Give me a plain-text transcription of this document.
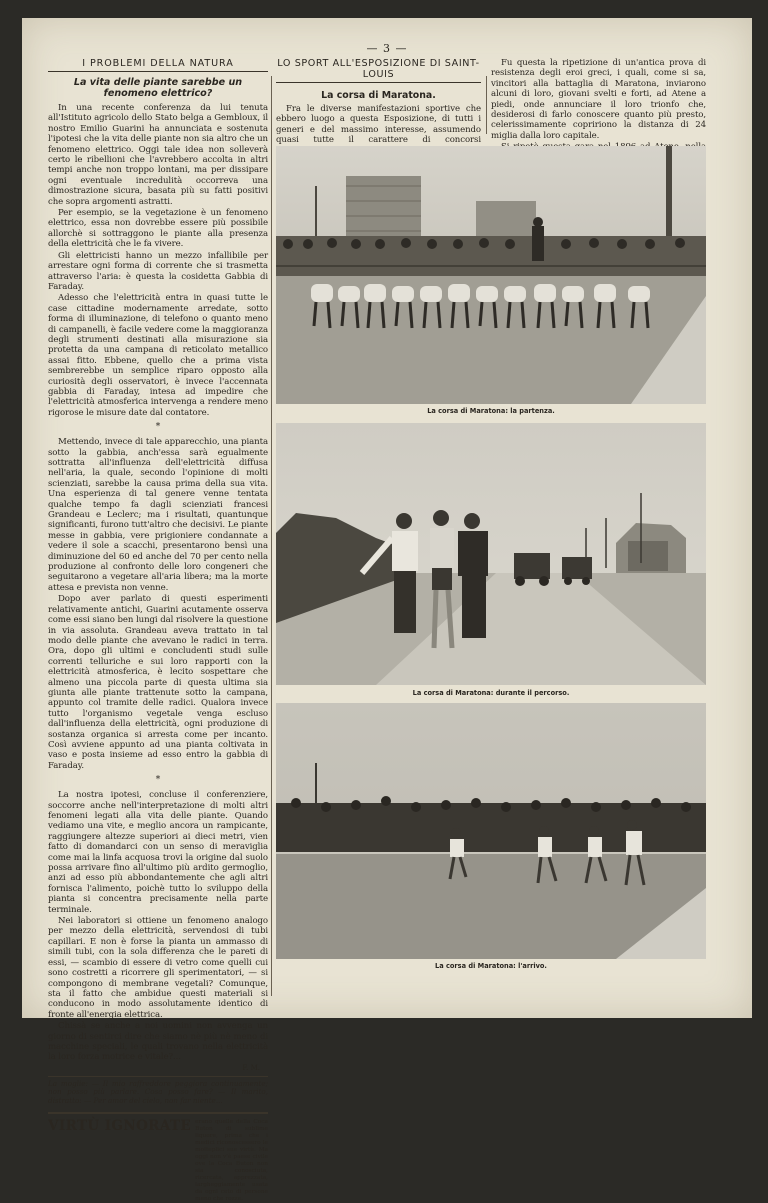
— 3 —
I PROBLEMI DELLA NATURA
La vita delle piante sarebbe un fenomeno elettrico?

In una recente conferenza da lui tenuta all'Istituto agricolo dello Stato belga a Gembloux, il nostro Emilio Guarini ha annunciata e sostenuta l'ipotesi che la vita delle piante non sia altro che un fenomeno elettrico. Oggi tale idea non solleverà certo le ribellioni che l'avrebbero accolta in altri tempi anche non troppo lontani, ma per dissipare ogni eventuale incredulità occorreva una dimostrazione sicura, basata più su fatti positivi che sopra argomenti astratti.

Per esempio, se la vegetazione è un fenomeno elettrico, essa non dovrebbe essere più possibile allorchè si sottraggono le piante alla presenza della elettricità che le fa vivere.

Gli elettricisti hanno un mezzo infallibile per arrestare ogni forma di corrente che si trasmetta attraverso l'aria: è questa la cosidetta Gabbia di Faraday.

Adesso che l'elettricità entra in quasi tutte le case cittadine modernamente arredate, sotto forma di illuminazione, di telefono o quanto meno di campanelli, è facile vedere come la maggioranza degli strumenti destinati alla misurazione sia protetta da una campana di reticolato metallico assai fitto. Ebbene, quello che a prima vista sembrerebbe un semplice riparo opposto alla curiosità degli osservatori, è invece l'accennata gabbia di Faraday, intesa ad impedire che l'elettricità atmosferica intervenga a rendere meno rigorose le misure date dal contatore.

*

Mettendo, invece di tale apparecchio, una pianta sotto la gabbia, anch'essa sarà egualmente sottratta all'influenza dell'elettricità diffusa nell'aria, la quale, secondo l'opinione di molti scienziati, sarebbe la causa prima della sua vita. Una esperienza di tal genere venne tentata qualche tempo fa dagli scienziati francesi Grandeau e Leclerc; ma i risultati, quantunque significanti, furono tutt'altro che decisivi. Le piante messe in gabbia, vere prigioniere condannate a vedere il sole a scacchi, presentarono bensì una diminuzione del 60 ed anche del 70 per cento nella produzione al confronto delle loro congeneri che seguitarono a vegetare all'aria libera; ma la morte attesa e prevista non venne.

Dopo aver parlato di questi esperimenti relativamente antichi, Guarini acutamente osserva come essi siano ben lungi dal risolvere la questione in via assoluta. Grandeau aveva trattato in tal modo delle piante che avevano le radici in terra. Ora, dopo gli ultimi e concludenti studi sulle correnti telluriche e sui loro rapporti con la elettricità atmosferica, è lecito sospettare che almeno una piccola parte di questa ultima sia giunta alle piante trattenute sotto la campana, appunto col tramite delle radici. Qualora invece tutto l'organismo vegetale venga escluso dall'influenza della elettricità, ogni produzione di sostanza organica si arresta come per incanto. Così avviene appunto ad una pianta coltivata in vaso e posta insieme ad esso entro la gabbia di Faraday.

*

La nostra ipotesi, concluse il conferenziere, soccorre anche nell'interpretazione di molti altri fenomeni legati alla vita delle piante. Quando vediamo una vite, e meglio ancora un rampicante, raggiungere altezze superiori ai dieci metri, vien fatto di domandarci con un senso di meraviglia come mai la linfa acquosa trovi la origine dal suolo possa arrivare fino all'ultimo più ardito germoglio, anzi ad esso più abbondantemente che agli altri fornisca l'alimento, poichè tutto lo sviluppo della pianta si concentra precisamente nella parte terminale.

Nei laboratori si ottiene un fenomeno analogo per mezzo della elettricità, servendosi di tubi capillari. E non è forse la pianta un ammasso di simili tubi, con la sola differenza che le pareti di essi, — scambio di essere di vetro come quelli cui sono costretti a ricorrere gli sperimentatori, — si compongono di membrane vegetali? Comunque, sta il fatto che ambidue questi materiali si conducono in modo assolutamente identico di fronte all'energia elettrica.

Chissà se anche a noi uomini non avvenga un giorno di sentirci dire che siamo nè più nè meno di macchine speciali, le quali trovano nella elettricità la loro forza motrice e vitale?...

F. M.
La moglie: — Il mio raffreddore peggiora continuamente; non posso più parlare. Cosa posso fare? — Il marito, distratto: — Per amor del cielo, non far niente...
VIRTÙ IGNORATE erano quelle della Coca Buton di sublime liquore, prima che i medici riconoscessero le molteplici sue virtù. Ma oggi non v'è paese civile ove la Coca Buton non sia conosciuta, ricercata, apprezzata, largheggiamente usata da ogni ceto di persone meno che rozze.
LO SPORT ALL'ESPOSIZIONE DI SAINT-LOUIS
La corsa di Maratona.

Fra le diverse manifestazioni sportive che ebbero luogo a questa Esposizione, di tutti i generi e del massimo interesse, assumendo quasi tutte il carattere di concorsi

Fu questa la ripetizione di un'antica prova di resistenza degli eroi greci, i quali, come si sa, vincitori alla battaglia di Maratona, inviarono alcuni di loro, giovani svelti e forti, ad Atene a piedi, onde annunciare il loro trionfo che, desiderosi di farlo conoscere quanto più presto, celerissimamente copririono la distanza di 24 miglia dalla loro capitale.

La corsa di Maratona: la partenza.
La corsa di Maratona: durante il percorso.
La corsa di Maratona: l'arrivo.
